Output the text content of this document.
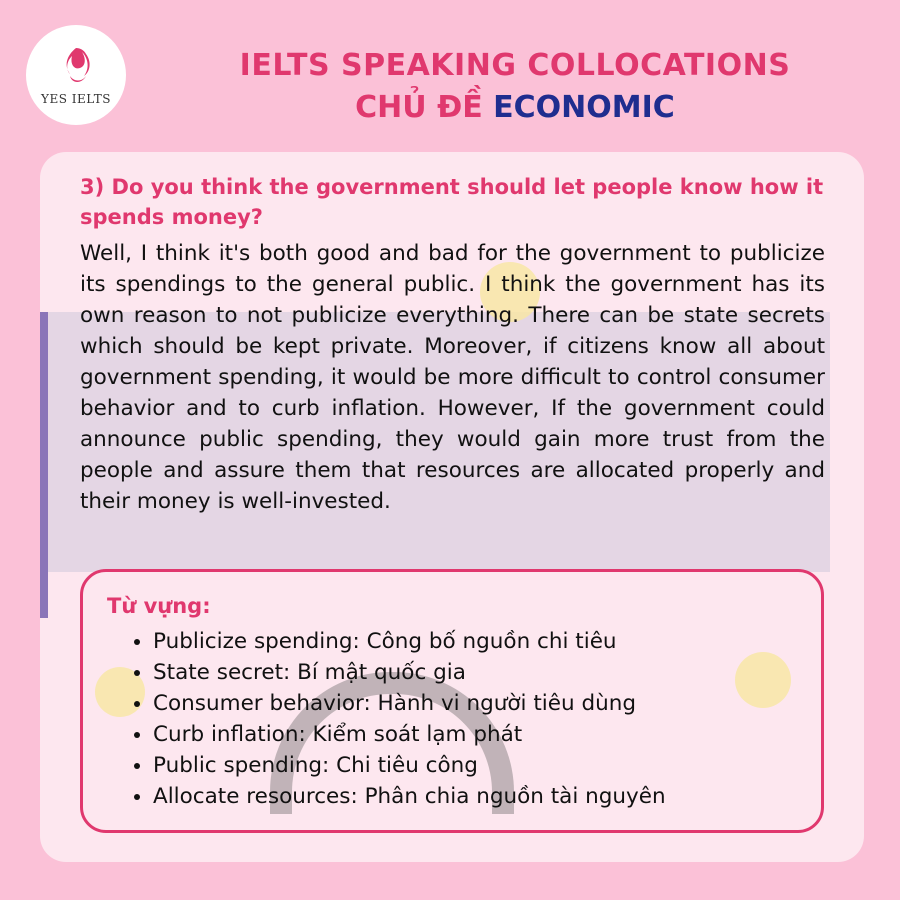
YES IELTS
IELTS SPEAKING COLLOCATIONS
CHỦ ĐỀ ECONOMIC
3) Do you think the government should let people know how it spends money?
Well, I think it's both good and bad for the government to publicize its spendings to the general public. I think the government has its own reason to not publicize everything. There can be state secrets which should be kept private. Moreover, if citizens know all about government spending, it would be more difficult to control consumer behavior and to curb inflation. However, If the government could announce public spending, they would gain more trust from the people and assure them that resources are allocated properly and their money is well-invested.
Từ vựng:
• Publicize spending: Công bố nguồn chi tiêu
• State secret: Bí mật quốc gia
• Consumer behavior: Hành vi người tiêu dùng
• Curb inflation: Kiểm soát lạm phát
• Public spending: Chi tiêu công
• Allocate resources: Phân chia nguồn tài nguyên
